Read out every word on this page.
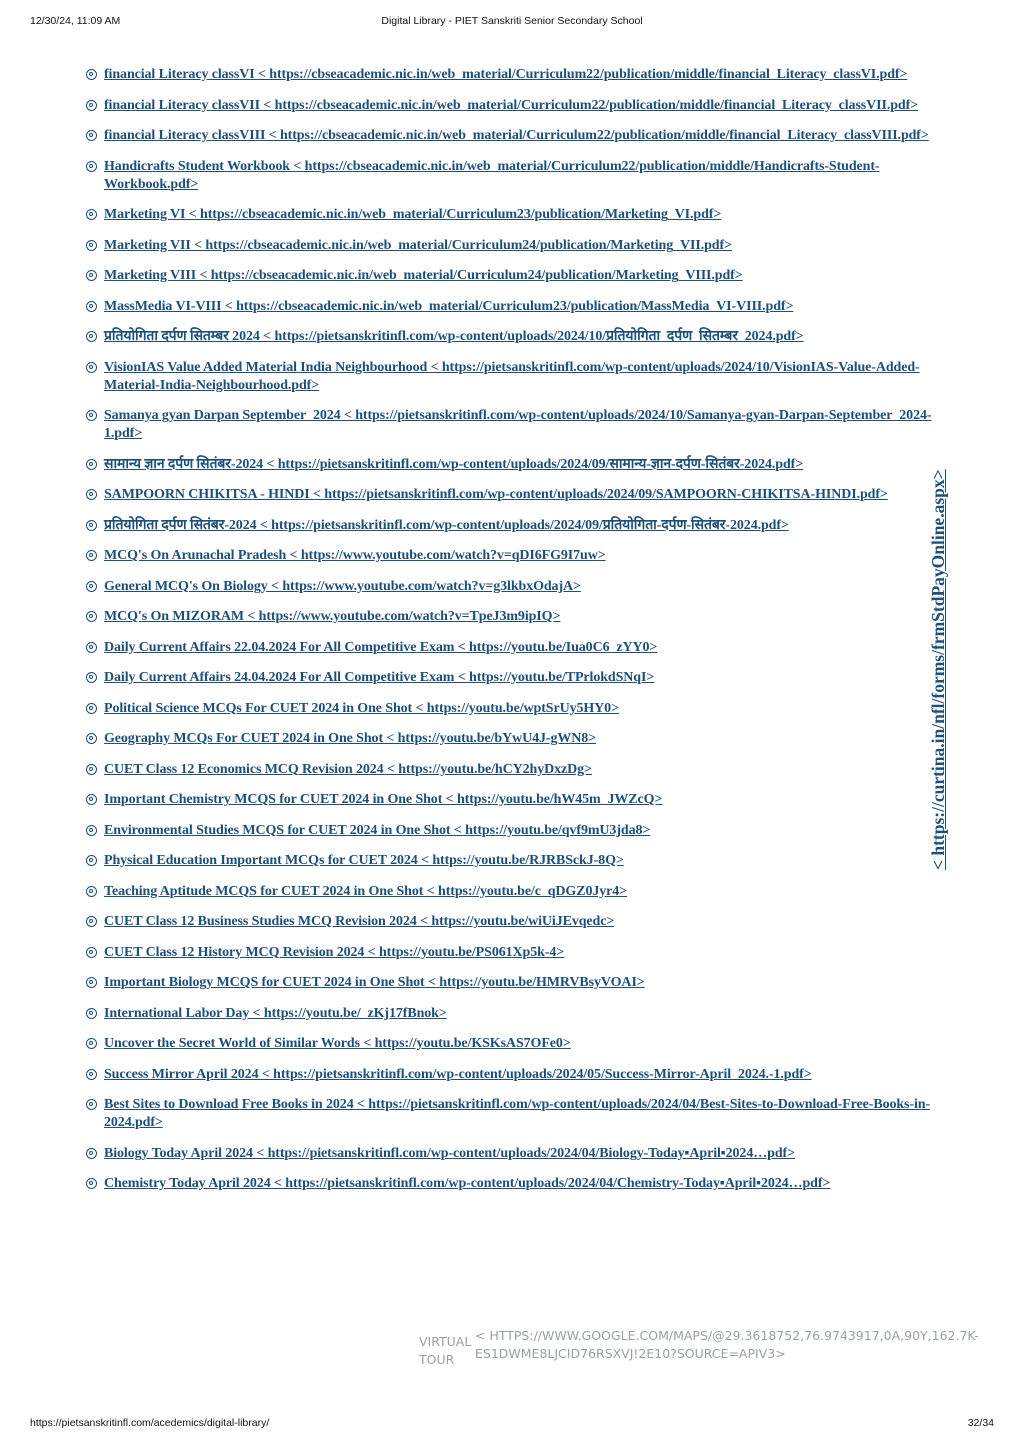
12/30/24, 11:09 AM	Digital Library - PIET Sanskriti Senior Secondary School
financial Literacy classVI < https://cbseacademic.nic.in/web_material/Curriculum22/publication/middle/financial_Literacy_classVI.pdf>
financial Literacy classVII < https://cbseacademic.nic.in/web_material/Curriculum22/publication/middle/financial_Literacy_classVII.pdf>
financial Literacy classVIII < https://cbseacademic.nic.in/web_material/Curriculum22/publication/middle/financial_Literacy_classVIII.pdf>
Handicrafts Student Workbook < https://cbseacademic.nic.in/web_material/Curriculum22/publication/middle/Handicrafts-Student-Workbook.pdf>
Marketing VI < https://cbseacademic.nic.in/web_material/Curriculum23/publication/Marketing_VI.pdf>
Marketing VII < https://cbseacademic.nic.in/web_material/Curriculum24/publication/Marketing_VII.pdf>
Marketing VIII < https://cbseacademic.nic.in/web_material/Curriculum24/publication/Marketing_VIII.pdf>
MassMedia VI-VIII < https://cbseacademic.nic.in/web_material/Curriculum23/publication/MassMedia_VI-VIII.pdf>
प्रतियोगिता दर्पण सितम्बर 2024 < https://pietsanskritinfl.com/wp-content/uploads/2024/10/प्रतियोगिता_दर्पण_सितम्बर_2024.pdf>
VisionIAS Value Added Material India Neighbourhood < https://pietsanskritinfl.com/wp-content/uploads/2024/10/VisionIAS-Value-Added-Material-India-Neighbourhood.pdf>
Samanya gyan Darpan September_2024 < https://pietsanskritinfl.com/wp-content/uploads/2024/10/Samanya-gyan-Darpan-September_2024-1.pdf>
सामान्य ज्ञान दर्पण सितंबर-2024 < https://pietsanskritinfl.com/wp-content/uploads/2024/09/सामान्य-ज्ञान-दर्पण-सितंबर-2024.pdf>
SAMPOORN CHIKITSA - HINDI < https://pietsanskritinfl.com/wp-content/uploads/2024/09/SAMPOORN-CHIKITSA-HINDI.pdf>
प्रतियोगिता दर्पण सितंबर-2024 < https://pietsanskritinfl.com/wp-content/uploads/2024/09/प्रतियोगिता-दर्पण-सितंबर-2024.pdf>
MCQ's On Arunachal Pradesh < https://www.youtube.com/watch?v=qDI6FG9I7uw>
General MCQ's On Biology < https://www.youtube.com/watch?v=g3lkbxOdajA>
MCQ's On MIZORAM < https://www.youtube.com/watch?v=TpeJ3m9ipIQ>
Daily Current Affairs 22.04.2024 For All Competitive Exam < https://youtu.be/Iua0C6_zYY0>
Daily Current Affairs 24.04.2024 For All Competitive Exam < https://youtu.be/TPrlokdSNqI>
Political Science MCQs For CUET 2024 in One Shot < https://youtu.be/wptSrUy5HY0>
Geography MCQs For CUET 2024 in One Shot < https://youtu.be/bYwU4J-gWN8>
CUET Class 12 Economics MCQ Revision 2024 < https://youtu.be/hCY2hyDxzDg>
Important Chemistry MCQS for CUET 2024 in One Shot < https://youtu.be/hW45m_JWZcQ>
Environmental Studies MCQS for CUET 2024 in One Shot < https://youtu.be/qvf9mU3jda8>
Physical Education Important MCQs for CUET 2024 < https://youtu.be/RJRBSckJ-8Q>
Teaching Aptitude MCQS for CUET 2024 in One Shot < https://youtu.be/c_qDGZ0Jyr4>
CUET Class 12 Business Studies MCQ Revision 2024 < https://youtu.be/wiUiJEvqedc>
CUET Class 12 History MCQ Revision 2024 < https://youtu.be/PS061Xp5k-4>
Important Biology MCQS for CUET 2024 in One Shot < https://youtu.be/HMRVBsyVOAI>
International Labor Day < https://youtu.be/_zKj17fBnok>
Uncover the Secret World of Similar Words < https://youtu.be/KSKsAS7OFe0>
Success Mirror April 2024 < https://pietsanskritinfl.com/wp-content/uploads/2024/05/Success-Mirror-April_2024.-1.pdf>
Best Sites to Download Free Books in 2024 < https://pietsanskritinfl.com/wp-content/uploads/2024/04/Best-Sites-to-Download-Free-Books-in-2024.pdf>
Biology Today April 2024 < https://pietsanskritinfl.com/wp-content/uploads/2024/04/Biology-Today▪April▪2024…pdf>
Chemistry Today April 2024 < https://pietsanskritinfl.com/wp-content/uploads/2024/04/Chemistry-Today▪April▪2024…pdf>
< https://curtina.in/nfl/forms/frmStdPayOnline.aspx>
VIRTUAL TOUR
< HTTPS://WWW.GOOGLE.COM/MAPS/@29.3618752,76.9743917,0A,90Y,162.7K-ES1DWME8LJCID76RSXVJ!2E10?SOURCE=APIV3>
https://pietsanskritinfl.com/acedemics/digital-library/	32/34
